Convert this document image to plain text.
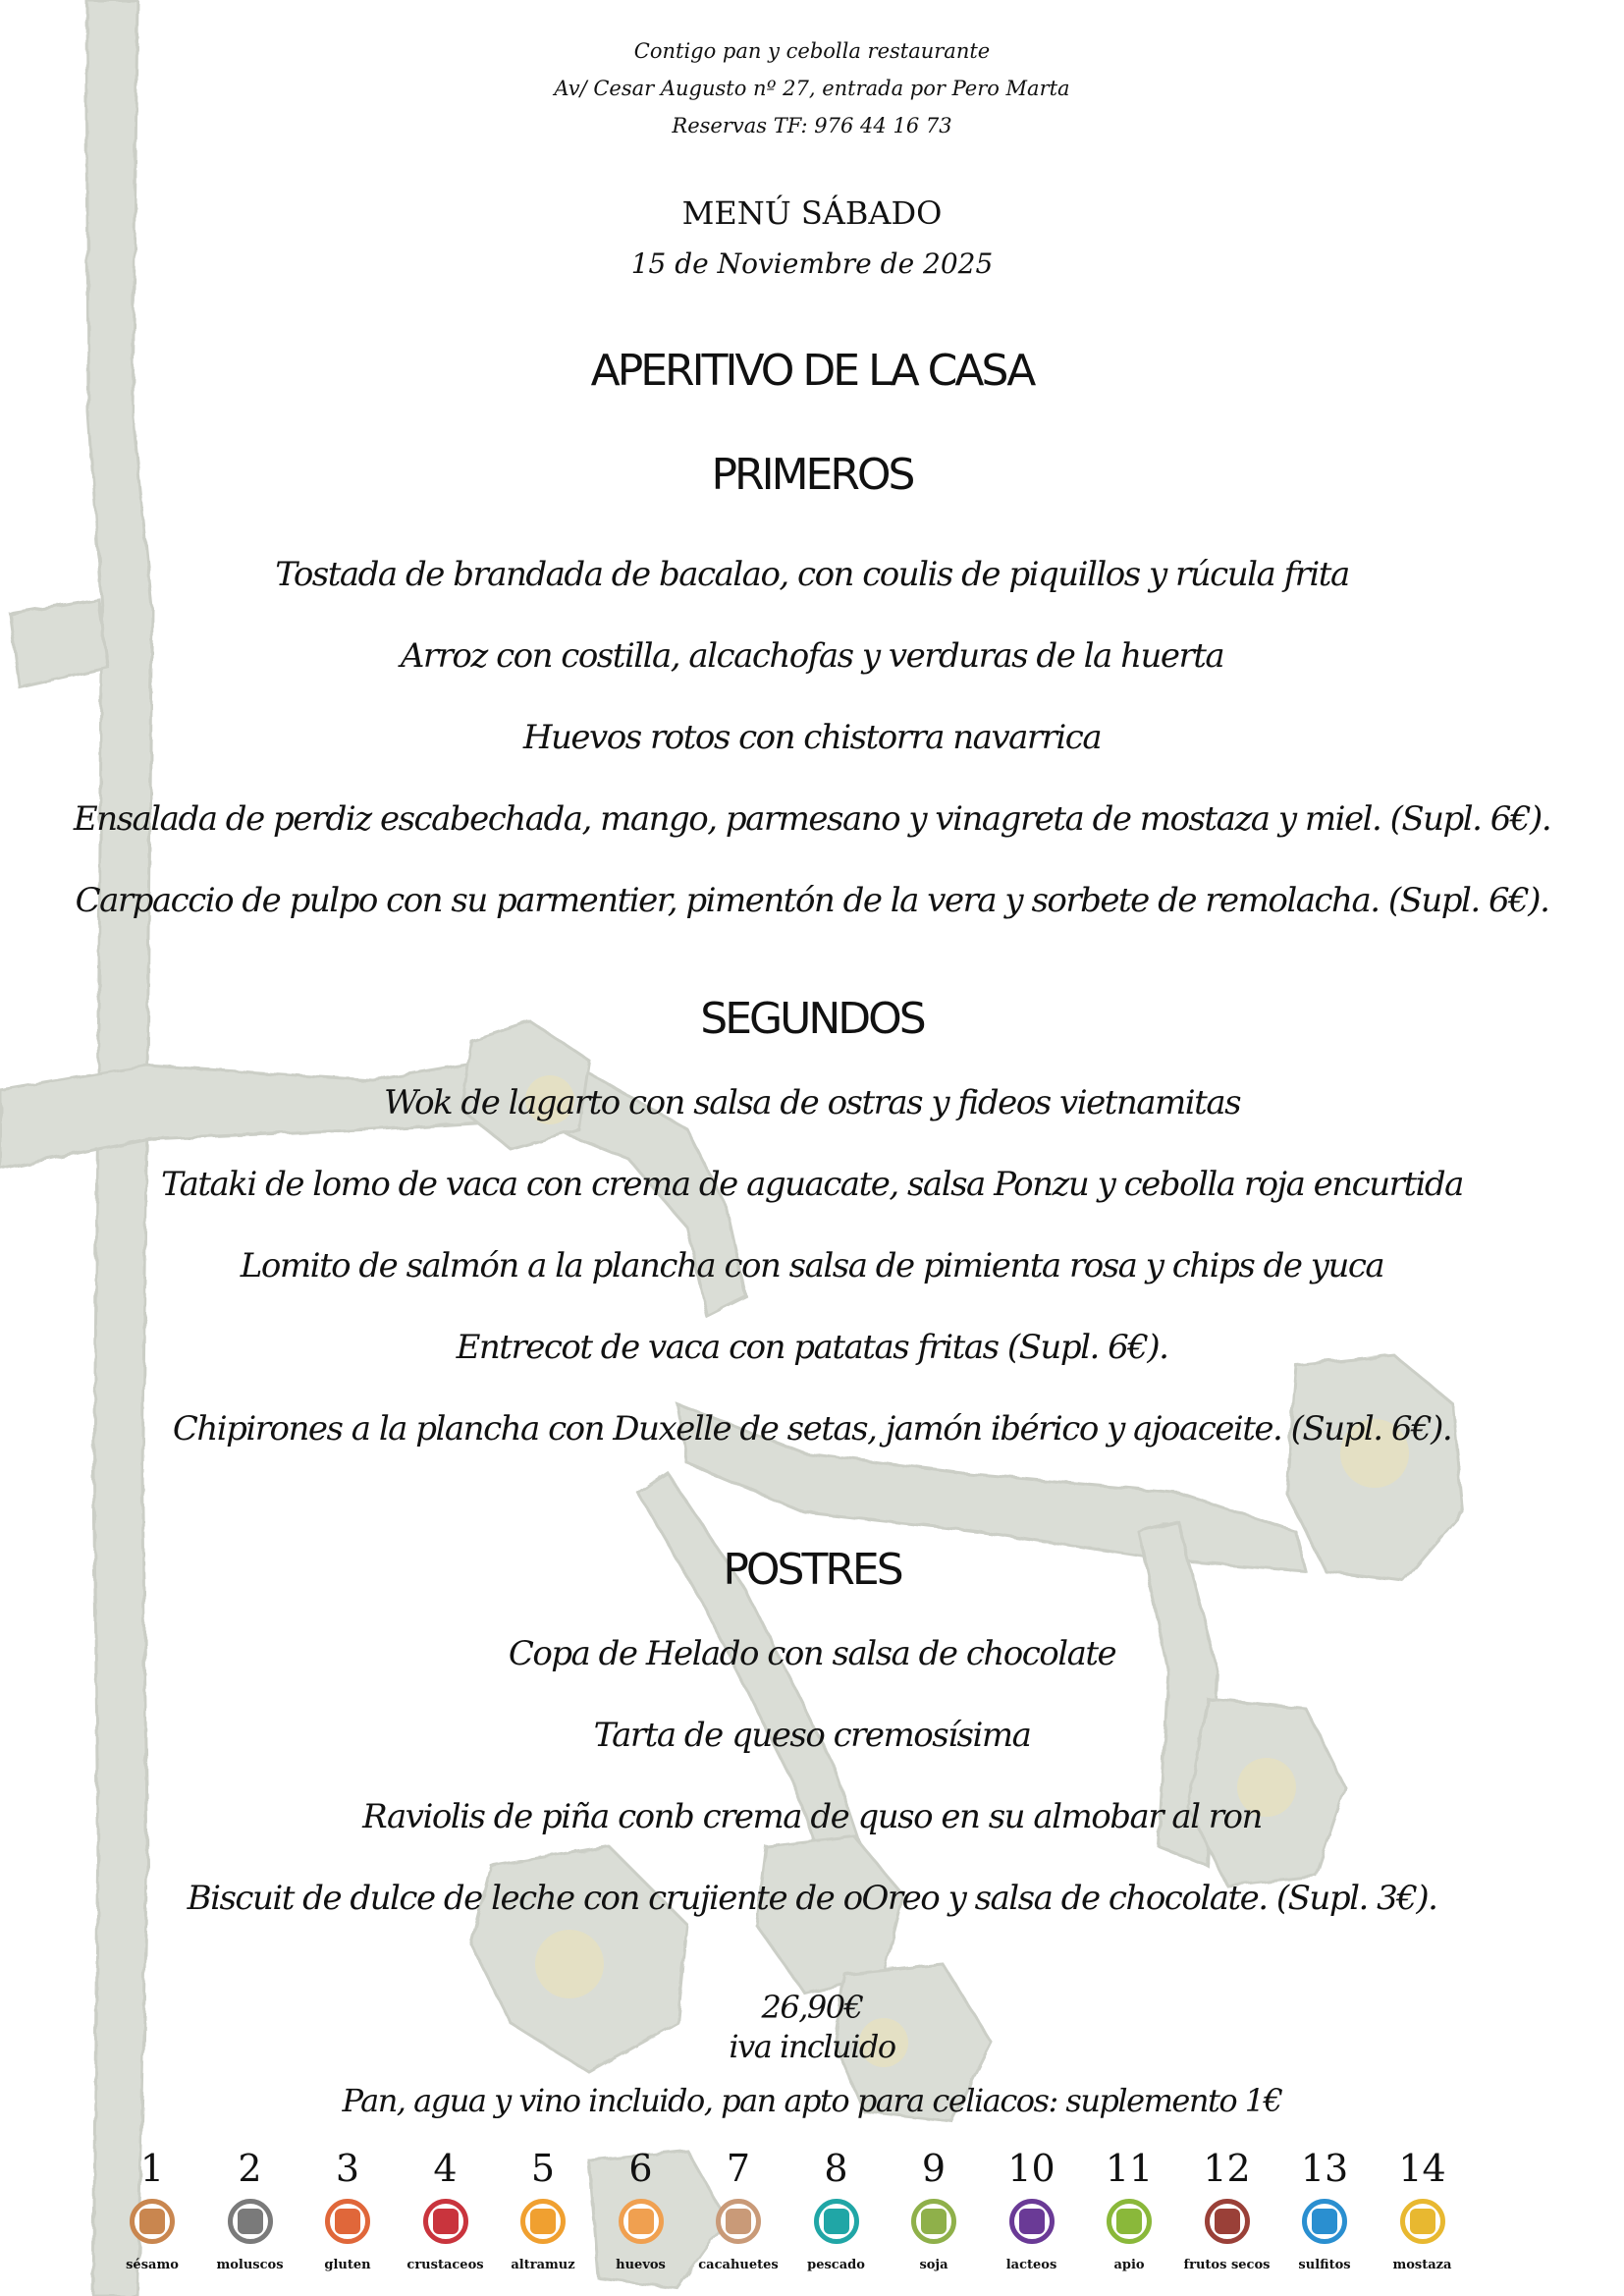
Contigo pan y cebolla restaurante
Av/ Cesar Augusto nº 27, entrada por Pero Marta
Reservas TF: 976 44 16 73
MENÚ SÁBADO
15 de Noviembre de 2025
APERITIVO DE LA CASA
PRIMEROS
Tostada de brandada de bacalao, con coulis de piquillos y rúcula frita
Arroz con costilla, alcachofas y verduras de la huerta
Huevos rotos con chistorra navarrica
Ensalada de perdiz escabechada, mango, parmesano y vinagreta de mostaza y miel. (Supl. 6€).
Carpaccio de pulpo con su parmentier, pimentón de la vera y sorbete de remolacha. (Supl. 6€).
SEGUNDOS
Wok de lagarto con salsa de ostras y fideos vietnamitas
Tataki de lomo de vaca con crema de aguacate, salsa Ponzu y cebolla roja encurtida
Lomito de salmón a la plancha con salsa de pimienta rosa y chips de yuca
Entrecot de vaca con patatas fritas (Supl. 6€).
Chipirones a la plancha con Duxelle de setas, jamón ibérico y ajoaceite. (Supl. 6€).
POSTRES
Copa de Helado con salsa de chocolate
Tarta de queso cremosísima
Raviolis de piña conb crema de quso en su almobar al ron
Biscuit de dulce de leche con crujiente de oOreo y salsa de chocolate. (Supl. 3€).
26,90€
iva incluido
Pan, agua y vino incluido, pan apto para celiacos: suplemento 1€
1
sésamo
2
moluscos
3
gluten
4
crustaceos
5
altramuz
6
huevos
7
cacahuetes
8
pescado
9
soja
10
lacteos
11
apio
12
frutos secos
13
sulfitos
14
mostaza
